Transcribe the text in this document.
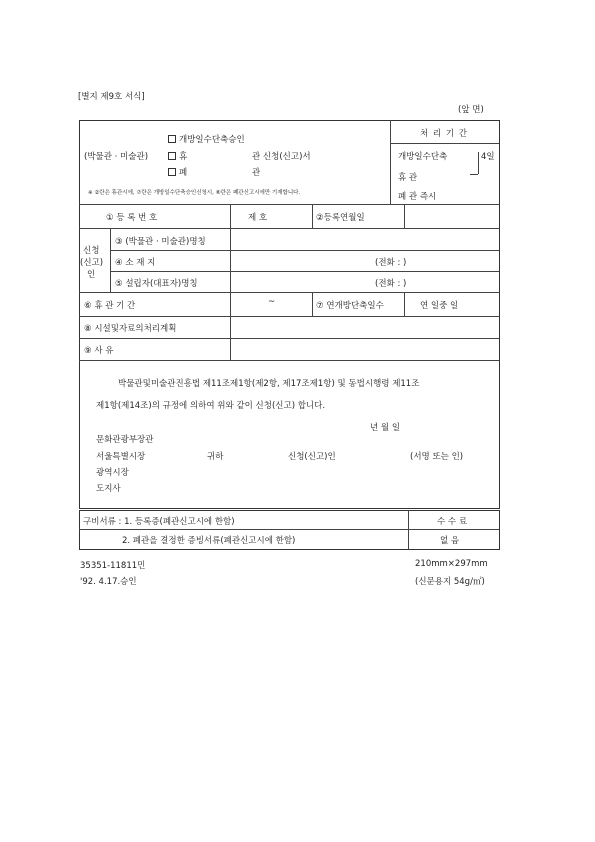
[별지 제9호 서식]
(앞 면)
(박물관 · 미술관)
개방일수단축승인
휴
폐
관 신청(신고)서
관
※ ②란은 휴관시에, ⑦란은 개방일수단축승인신청시, ⑧란은 폐관신고시에만 기재합니다.
처 리 기 간
개방일수단축	4일
휴 관
폐 관 즉시
① 등 록 번 호	제 호	②등록연월일
신청
(신고)
인
③ (박물관 · 미술관)명칭
④ 소 재 지	(전화 : )
⑤ 설립자(대표자)명칭	(전화 : )
⑥ 휴 관 기 간	~	⑦ 연개방단축일수	연 일중 일
⑧ 시설및자료의처리계획
⑨ 사 유
박물관및미술관진흥법 제11조제1항(제2항, 제17조제1항) 및 동법시행령 제11조
제1항(제14조)의 규정에 의하여 위와 같이 신청(신고) 합니다.
년 월 일
문화관광부장관
서울특별시장
광역시장
도지사
귀하	신청(신고)인	(서명 또는 인)
구비서류 : 1. 등록증(폐관신고시에 한함)
2. 폐관을 결정한 증빙서류(폐관신고시에 한함)
수 수 료
없 음
35351-11811민
'92. 4.17.승인
210mm×297mm
(신문용지 54g/㎡)
